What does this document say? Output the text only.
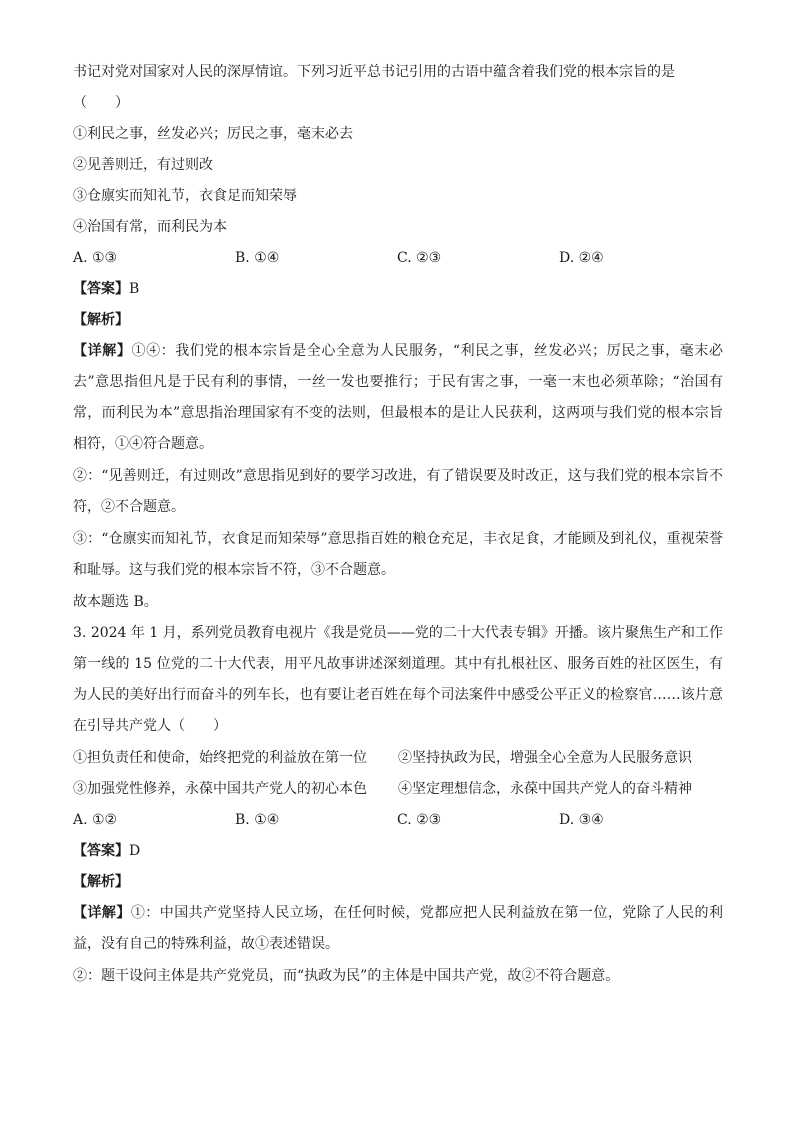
书记对党对国家对人民的深厚情谊。下列习近平总书记引用的古语中蕴含着我们党的根本宗旨的是
（　　）
①利民之事，丝发必兴；厉民之事，毫末必去
②见善则迁，有过则改
③仓廪实而知礼节，衣食足而知荣辱
④治国有常，而利民为本
A. ①③	B. ①④	C. ②③	D. ②④
【答案】B
【解析】
【详解】①④：我们党的根本宗旨是全心全意为人民服务，“利民之事，丝发必兴；厉民之事，毫末必去”意思指但凡是于民有利的事情，一丝一发也要推行；于民有害之事，一毫一末也必须革除；“治国有常，而利民为本”意思指治理国家有不变的法则，但最根本的是让人民获利，这两项与我们党的根本宗旨相符，①④符合题意。
②：“见善则迁，有过则改”意思指见到好的要学习改进，有了错误要及时改正，这与我们党的根本宗旨不符，②不合题意。
③：“仓廪实而知礼节，衣食足而知荣辱”意思指百姓的粮仓充足，丰衣足食，才能顾及到礼仪，重视荣誉和耻辱。这与我们党的根本宗旨不符，③不合题意。
故本题选 B。
3. 2024 年 1 月，系列党员教育电视片《我是党员——党的二十大代表专辑》开播。该片聚焦生产和工作第一线的 15 位党的二十大代表，用平凡故事讲述深刻道理。其中有扎根社区、服务百姓的社区医生，有为人民的美好出行而奋斗的列车长，也有要让老百姓在每个司法案件中感受公平正义的检察官……该片意在引导共产党人（　　）
①担负责任和使命，始终把党的利益放在第一位	②坚持执政为民，增强全心全意为人民服务意识
③加强党性修养，永葆中国共产党人的初心本色	④坚定理想信念，永葆中国共产党人的奋斗精神
A. ①②	B. ①④	C. ②③	D. ③④
【答案】D
【解析】
【详解】①：中国共产党坚持人民立场，在任何时候，党都应把人民利益放在第一位，党除了人民的利益，没有自己的特殊利益，故①表述错误。
②：题干设问主体是共产党党员，而“执政为民”的主体是中国共产党，故②不符合题意。
